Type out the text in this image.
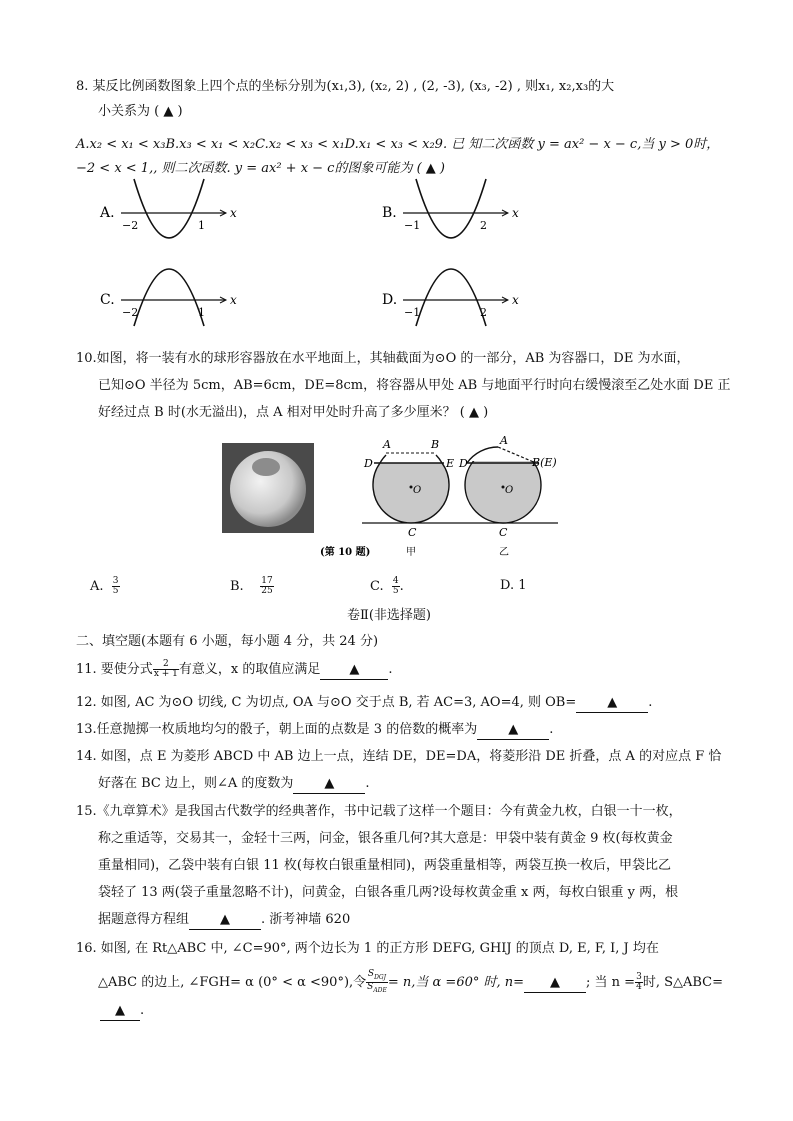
8. 某反比例函数图象上四个点的坐标分别为(x₁,3), (x₂, 2) , (2, -3), (x₃, -2) , 则x₁, x₂,x₃的大
小关系为 ( ▲ )
A.x₂ < x₁ < x₃B.x₃ < x₁ < x₂C.x₂ < x₃ < x₁D.x₁ < x₃ < x₂9. 已 知二次函数 y = ax² − x − c,当 y > 0时，
−2 < x < 1,, 则二次函数. y = ax² + x − c的图象可能为 ( ▲ )
A.	x
−2	1
B.	x
−1	2
C.	x
−2	1
D.	x
−1	2
10.如图，将一装有水的球形容器放在水平地面上，其轴截面为⊙O 的一部分，AB 为容器口，DE 为水面，
已知⊙O 半径为 5cm，AB=6cm，DE=8cm，将容器从甲处 AB 与地面平行时向右缓慢滚至乙处水面 DE 正
好经过点 B 时(水无溢出)，点 A 相对甲处时升高了多少厘米？ ( ▲ )
A	B
D	E
O
C
A
B(E)
D
O
C
(第 10 题)	甲	乙
A. $\frac{3}{5}$	B. $\frac{17}{25}$	C. $\frac{4}{5}$ .	D. 1
卷Ⅱ(非选择题)
二、填空题(本题有 6 小题，每小题 4 分，共 24 分)
11. 要使分式 $\frac{2}{x + 1}$ 有意义，x 的取值应满足 ▲ .
12. 如图, AC 为⊙O 切线, C 为切点, OA 与⊙O 交于点 B, 若 AC=3, AO=4, 则 OB= ▲ .
13.任意抛掷一枚质地均匀的骰子，朝上面的点数是 3 的倍数的概率为 ▲ .
14. 如图，点 E 为菱形 ABCD 中 AB 边上一点，连结 DE，DE=DA，将菱形沿 DE 折叠，点 A 的对应点 F 恰
好落在 BC 边上，则∠A 的度数为 ▲ .
15.《九章算术》是我国古代数学的经典著作，书中记载了这样一个题目：今有黄金九枚，白银一十一枚，
称之重适等，交易其一，金轻十三两，问金，银各重几何?其大意是：甲袋中装有黄金 9 枚(每枚黄金
重量相同)，乙袋中装有白银 11 枚(每枚白银重量相同)，两袋重量相等，两袋互换一枚后，甲袋比乙
袋轻了 13 两(袋子重量忽略不计)，问黄金，白银各重几两?设每枚黄金重 x 两，每枚白银重 y 两，根
据题意得方程组 ▲ . 浙考神墙 620
16. 如图, 在 Rt△ABC 中, ∠C=90°, 两个边长为 1 的正方形 DEFG, GHIJ 的顶点 D, E, F, I, J 均在
△ABC 的边上, ∠FGH= α (0° < α <90°),令 $\frac{S_{DGJ}}{S_{ADE}} = n$,当 α =60° 时, n= ▲ ; 当 $n = \frac{3}{4}$ 时, S△ABC=
▲ .
